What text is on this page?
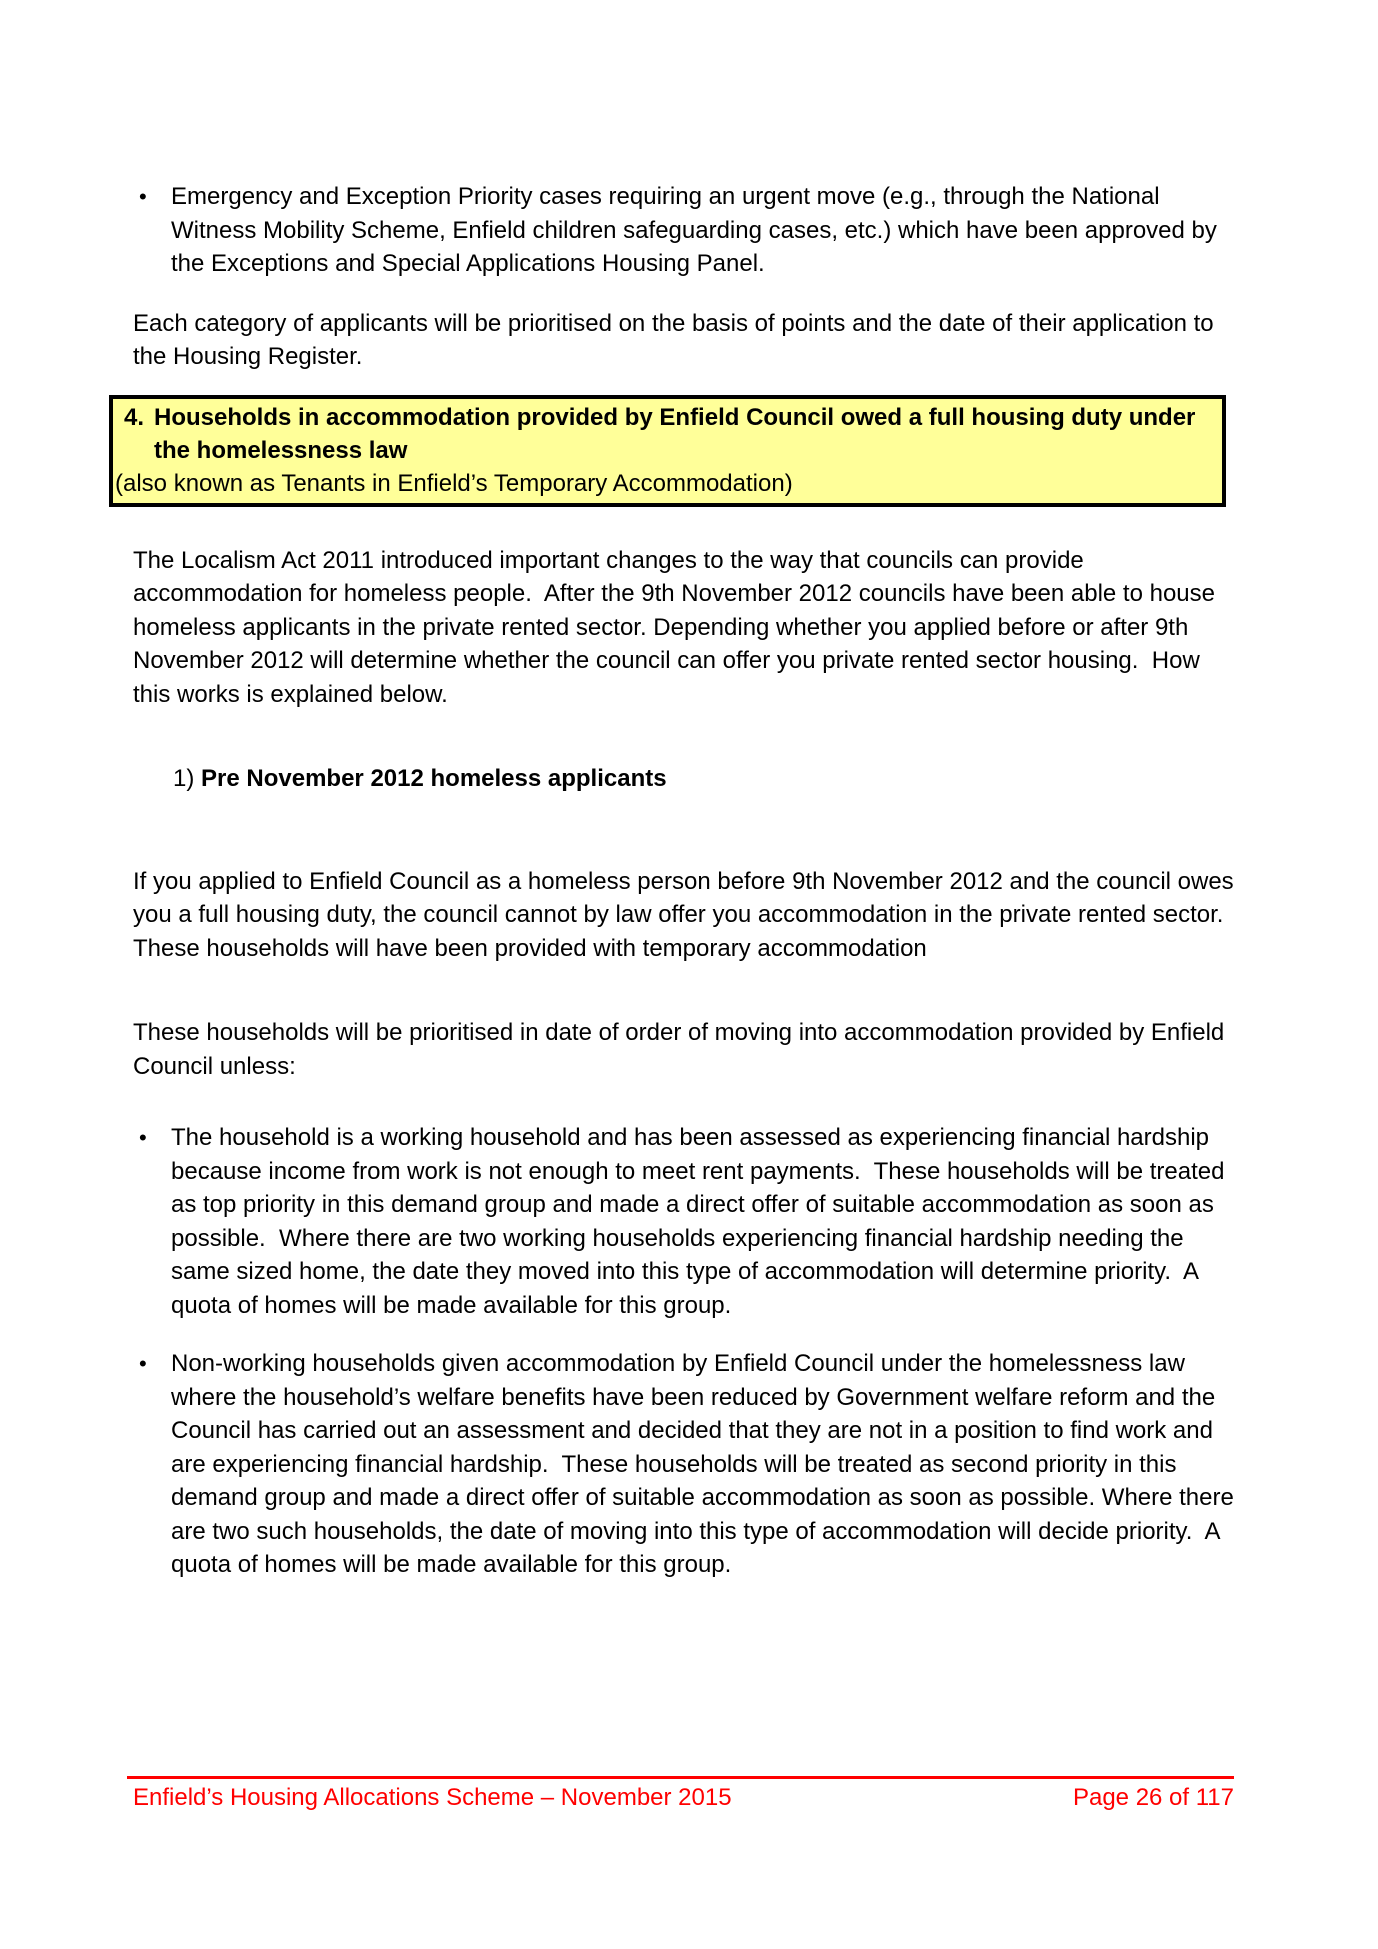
•	Emergency and Exception Priority cases requiring an urgent move (e.g., through the National Witness Mobility Scheme, Enfield children safeguarding cases, etc.) which have been approved by the Exceptions and Special Applications Housing Panel.

Each category of applicants will be prioritised on the basis of points and the date of their application to the Housing Register.

4. Households in accommodation provided by Enfield Council owed a full housing duty under the homelessness law
(also known as Tenants in Enfield’s Temporary Accommodation)

The Localism Act 2011 introduced important changes to the way that councils can provide accommodation for homeless people.  After the 9th November 2012 councils have been able to house homeless applicants in the private rented sector. Depending whether you applied before or after 9th November 2012 will determine whether the council can offer you private rented sector housing.  How this works is explained below.

1) Pre November 2012 homeless applicants

If you applied to Enfield Council as a homeless person before 9th November 2012 and the council owes you a full housing duty, the council cannot by law offer you accommodation in the private rented sector. These households will have been provided with temporary accommodation

These households will be prioritised in date of order of moving into accommodation provided by Enfield Council unless:

•	The household is a working household and has been assessed as experiencing financial hardship because income from work is not enough to meet rent payments.  These households will be treated as top priority in this demand group and made a direct offer of suitable accommodation as soon as possible.  Where there are two working households experiencing financial hardship needing the same sized home, the date they moved into this type of accommodation will determine priority.  A quota of homes will be made available for this group.
•	Non-working households given accommodation by Enfield Council under the homelessness law where the household’s welfare benefits have been reduced by Government welfare reform and the Council has carried out an assessment and decided that they are not in a position to find work and are experiencing financial hardship.  These households will be treated as second priority in this demand group and made a direct offer of suitable accommodation as soon as possible. Where there are two such households, the date of moving into this type of accommodation will decide priority.  A quota of homes will be made available for this group.
Enfield’s Housing Allocations Scheme – November 2015	Page 26 of 117
